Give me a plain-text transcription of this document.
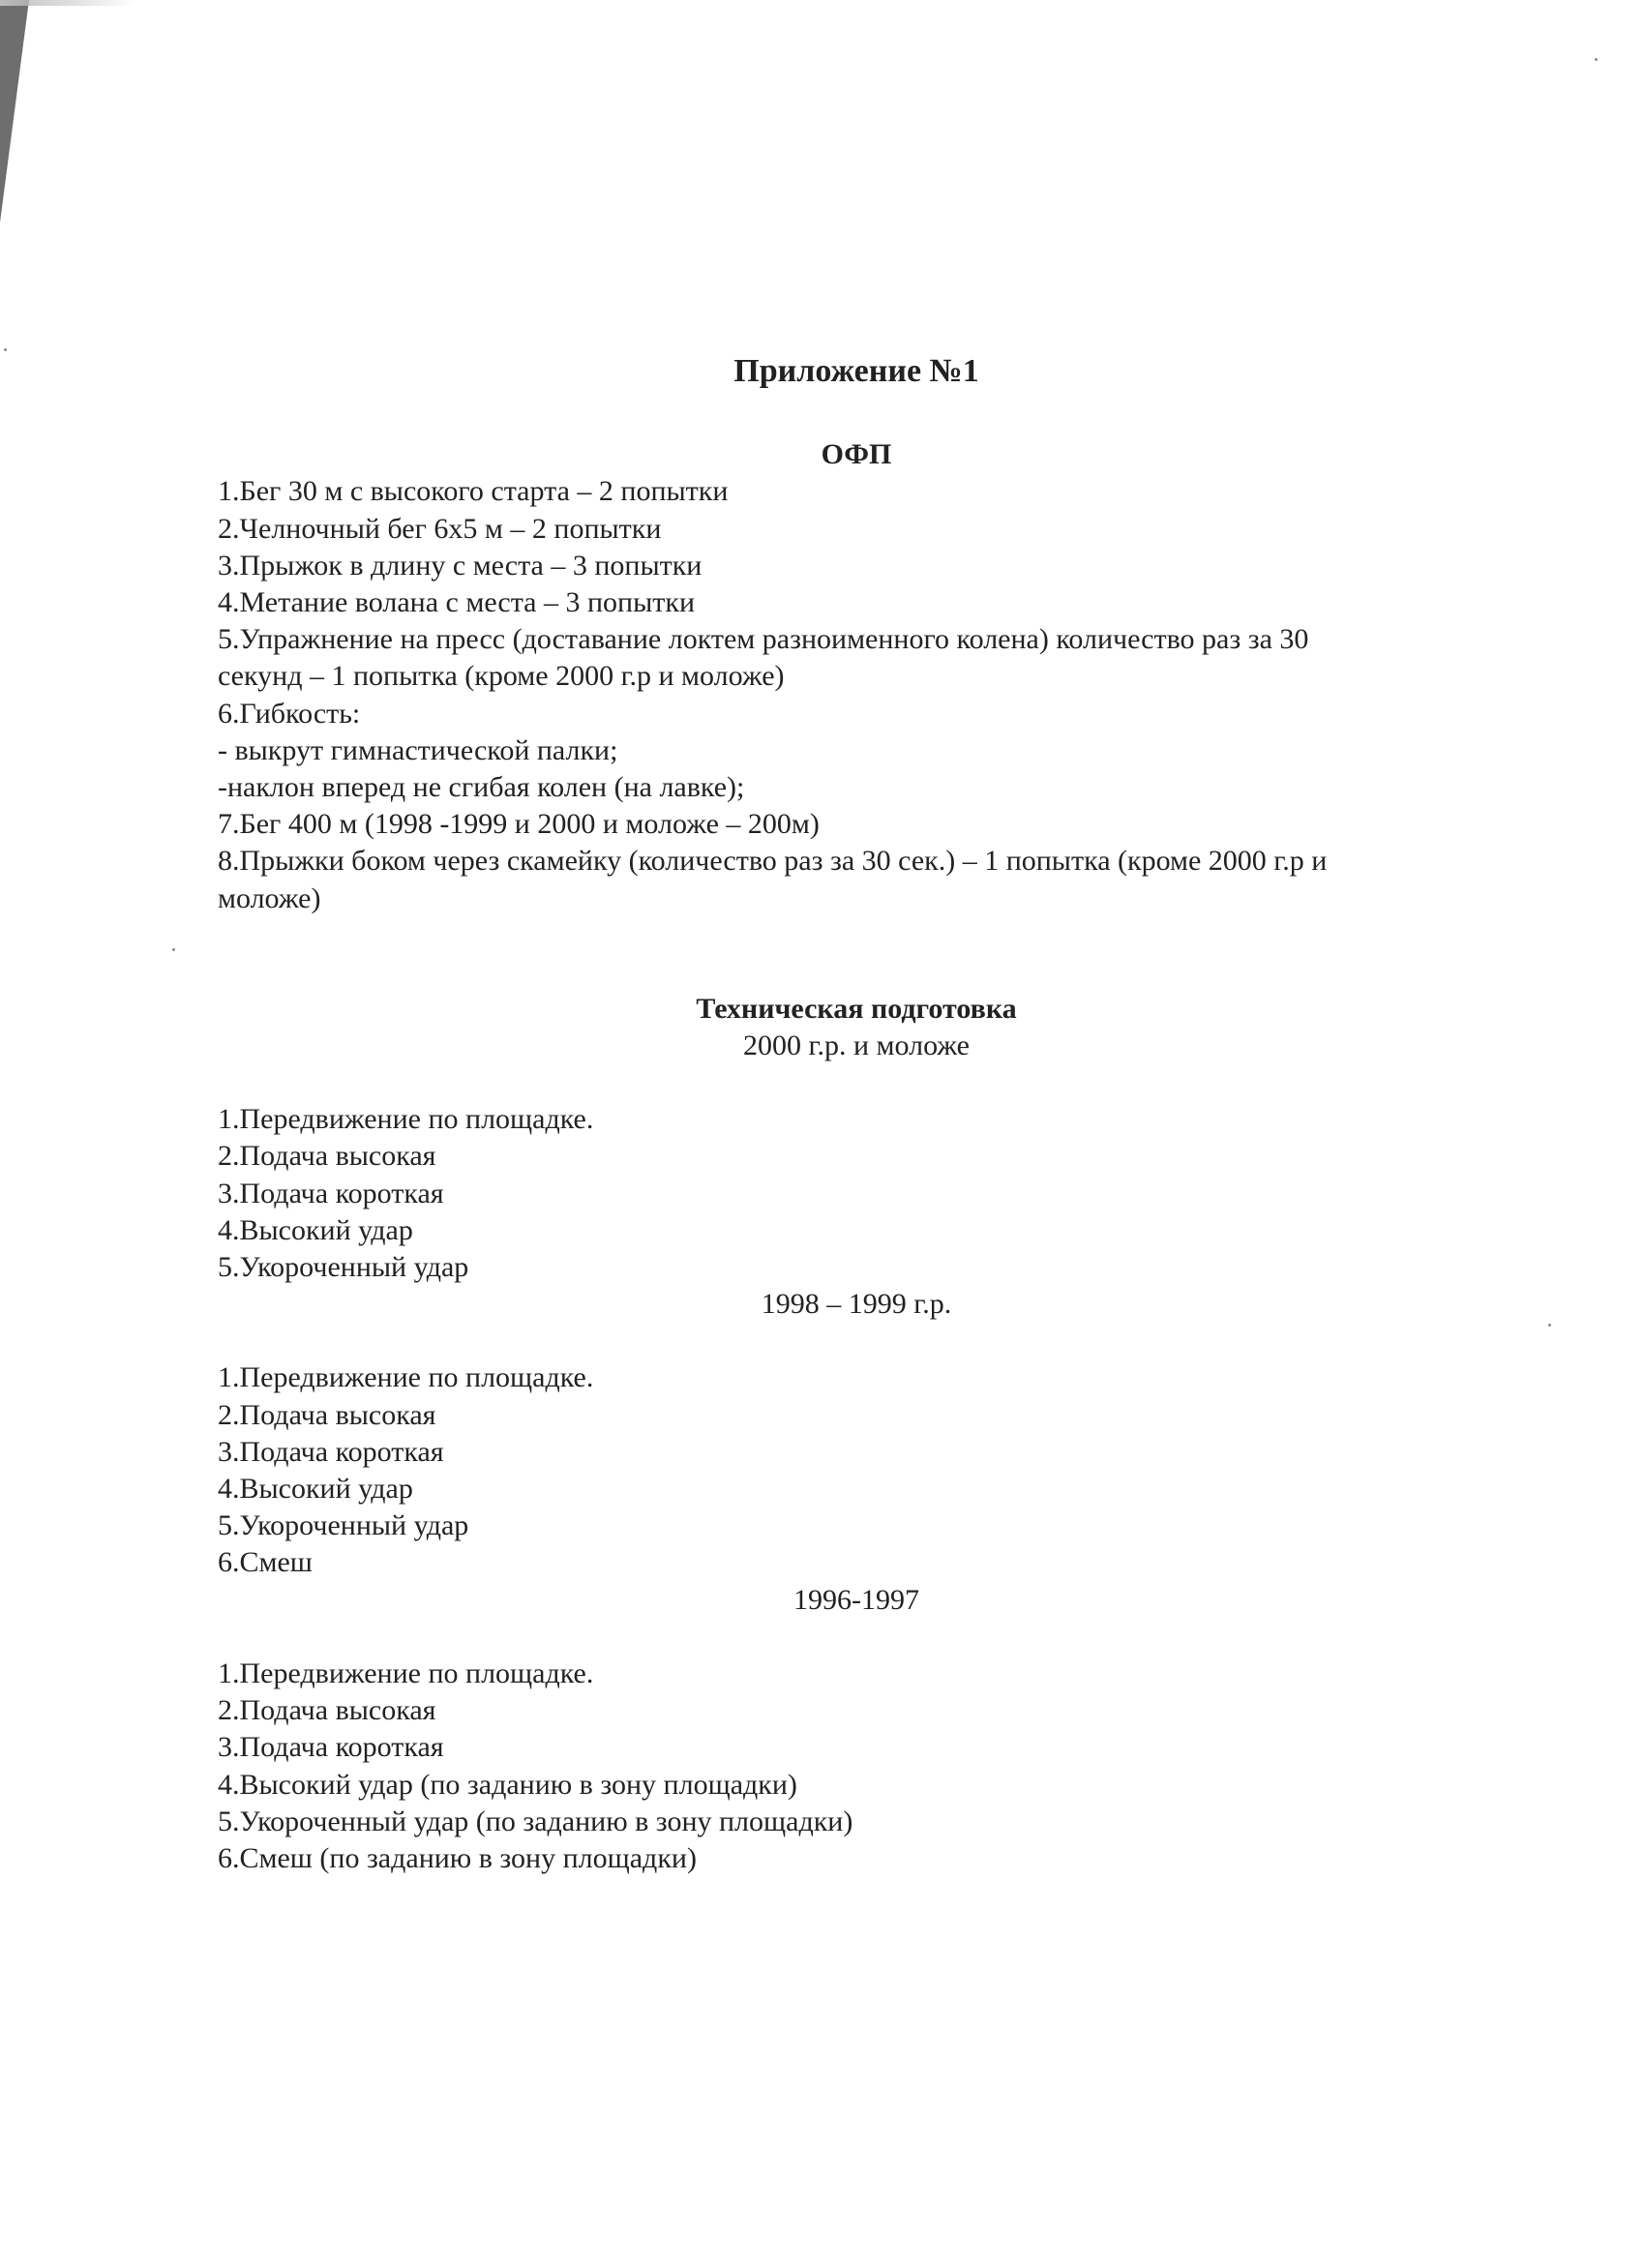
Приложение №1

ОФП

1.Бег 30 м с высокого старта – 2 попытки

2.Челночный бег 6х5 м – 2 попытки

3.Прыжок в длину с места – 3 попытки

4.Метание волана с места – 3 попытки

5.Упражнение на пресс (доставание локтем разноименного колена) количество раз за 30

секунд – 1 попытка (кроме 2000 г.р и моложе)

6.Гибкость:

- выкрут гимнастической палки;

-наклон вперед не сгибая колен (на лавке);

7.Бег 400 м (1998 -1999 и 2000 и моложе – 200м)

8.Прыжки боком через скамейку (количество раз за 30 сек.) – 1 попытка (кроме 2000 г.р и

моложе)

Техническая подготовка

2000 г.р. и моложе

1.Передвижение по площадке.

2.Подача высокая

3.Подача короткая

4.Высокий удар

5.Укороченный удар

1998 – 1999 г.р.

1.Передвижение по площадке.

2.Подача высокая

3.Подача короткая

4.Высокий удар

5.Укороченный удар

6.Смеш

1996-1997

1.Передвижение по площадке.

2.Подача высокая

3.Подача короткая

4.Высокий удар (по заданию в зону площадки)

5.Укороченный удар (по заданию в зону площадки)

6.Смеш (по заданию в зону площадки)
